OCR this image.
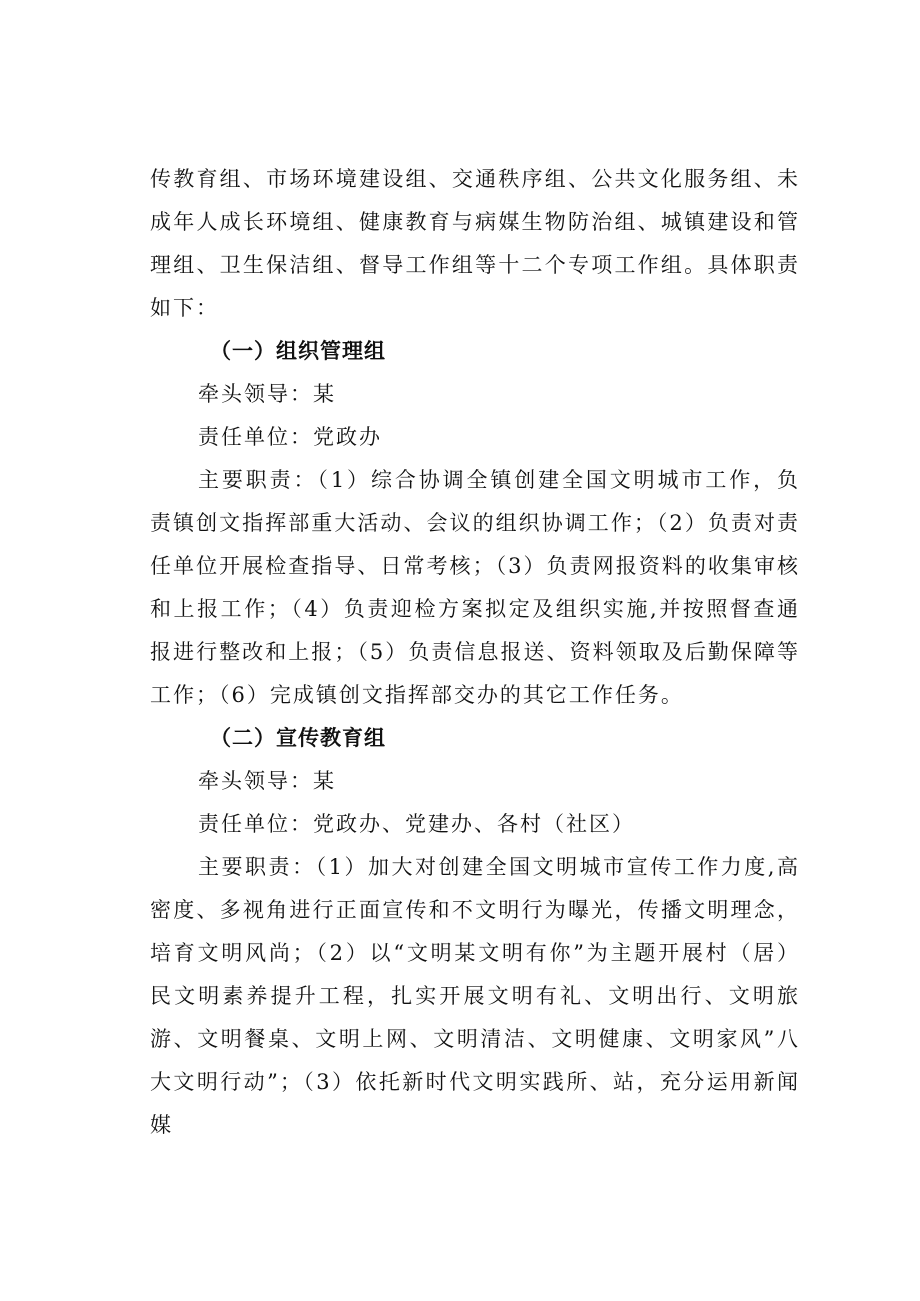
传教育组、市场环境建设组、交通秩序组、公共文化服务组、未成年人成长环境组、健康教育与病媒生物防治组、城镇建设和管理组、卫生保洁组、督导工作组等十二个专项工作组。具体职责如下：

（一）组织管理组

牵头领导：某

责任单位：党政办

主要职责：（1）综合协调全镇创建全国文明城市工作，负责镇创文指挥部重大活动、会议的组织协调工作；（2）负责对责任单位开展检查指导、日常考核；（3）负责网报资料的收集审核和上报工作；（4）负责迎检方案拟定及组织实施,并按照督查通报进行整改和上报；（5）负责信息报送、资料领取及后勤保障等工作；（6）完成镇创文指挥部交办的其它工作任务。

（二）宣传教育组

牵头领导：某

责任单位：党政办、党建办、各村（社区）

主要职责：（1）加大对创建全国文明城市宣传工作力度,高密度、多视角进行正面宣传和不文明行为曝光，传播文明理念，培育文明风尚；（2）以“文明某文明有你”为主题开展村（居）民文明素养提升工程，扎实开展文明有礼、文明出行、文明旅游、文明餐桌、文明上网、文明清洁、文明健康、文明家风”八大文明行动”；（3）依托新时代文明实践所、站，充分运用新闻媒
